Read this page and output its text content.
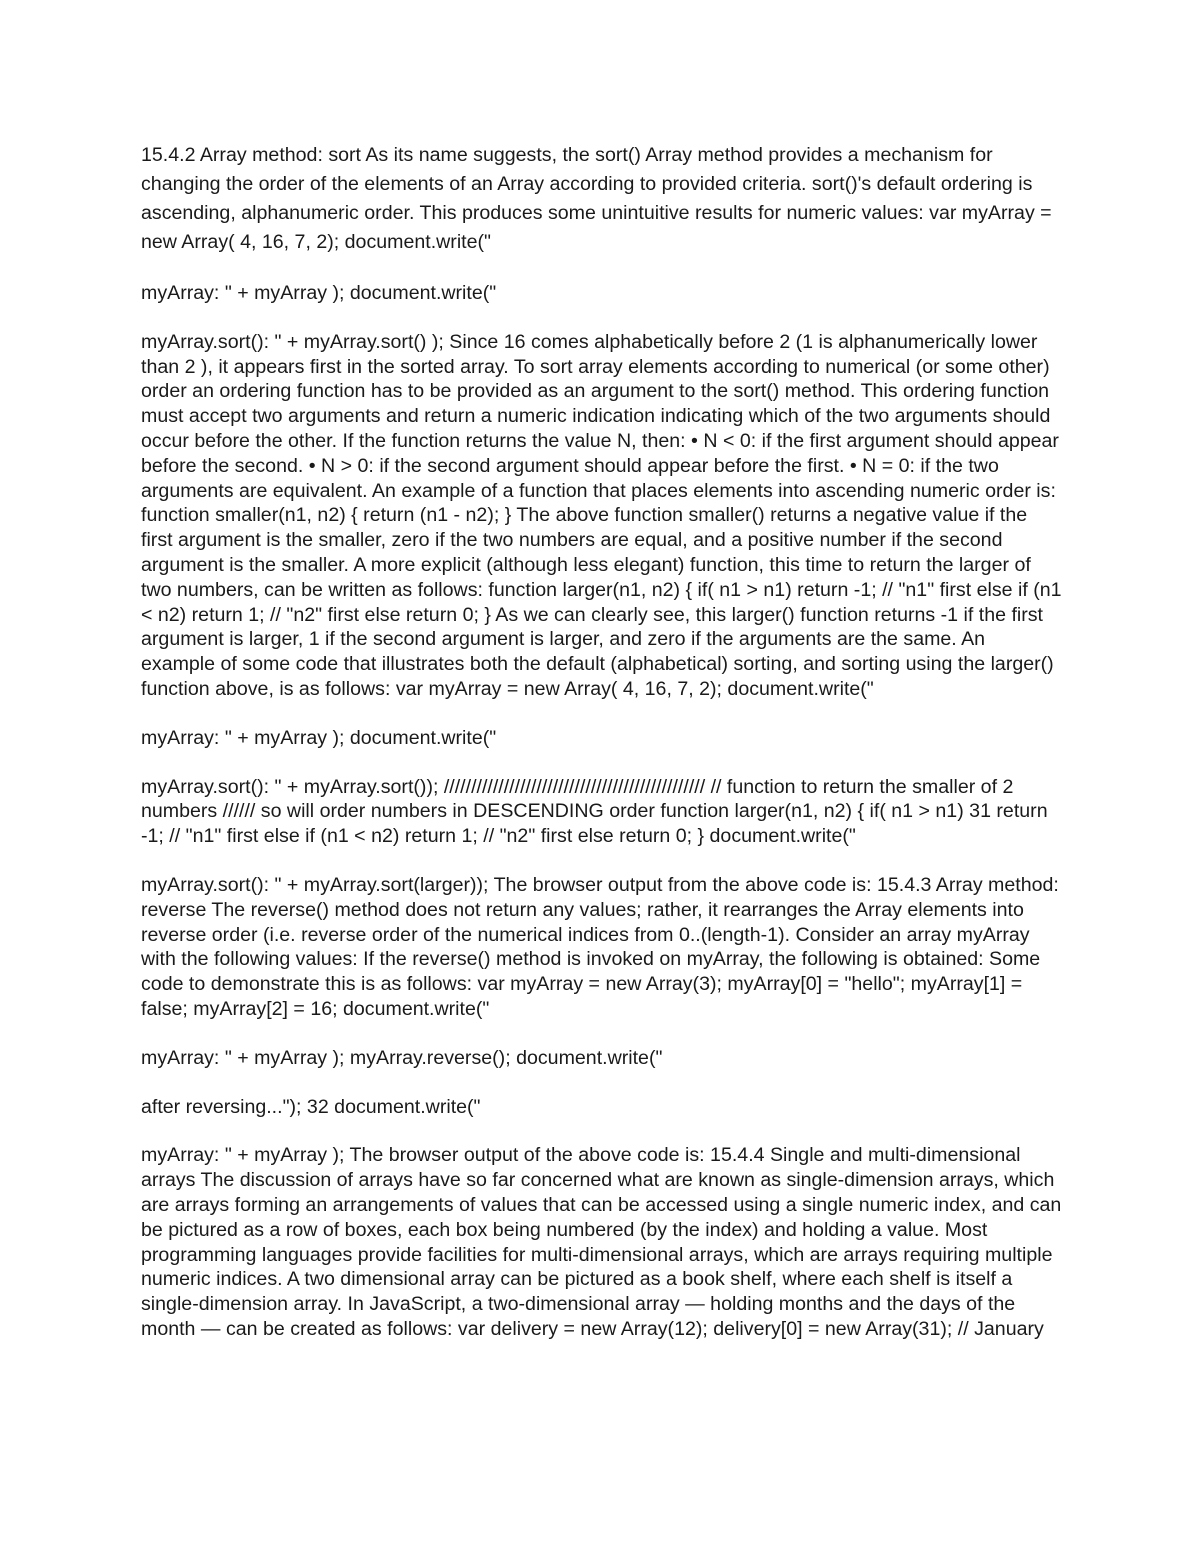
15.4.2 Array method: sort As its name suggests, the sort() Array method provides a mechanism for changing the order of the elements of an Array according to provided criteria. sort()'s default ordering is ascending, alphanumeric order. This produces some unintuitive results for numeric values: var myArray = new Array( 4, 16, 7, 2); document.write("

myArray: " + myArray ); document.write("

myArray.sort(): " + myArray.sort() ); Since 16 comes alphabetically before 2 (1 is alphanumerically lower than 2 ), it appears first in the sorted array. To sort array elements according to numerical (or some other) order an ordering function has to be provided as an argument to the sort() method. This ordering function must accept two arguments and return a numeric indication indicating which of the two arguments should occur before the other. If the function returns the value N, then: • N < 0: if the first argument should appear before the second. • N > 0: if the second argument should appear before the first. • N = 0: if the two arguments are equivalent. An example of a function that places elements into ascending numeric order is: function smaller(n1, n2) { return (n1 - n2); } The above function smaller() returns a negative value if the first argument is the smaller, zero if the two numbers are equal, and a positive number if the second argument is the smaller. A more explicit (although less elegant) function, this time to return the larger of two numbers, can be written as follows: function larger(n1, n2) { if( n1 > n1) return -1; // "n1" first else if (n1 < n2) return 1; // "n2" first else return 0; } As we can clearly see, this larger() function returns -1 if the first argument is larger, 1 if the second argument is larger, and zero if the arguments are the same. An example of some code that illustrates both the default (alphabetical) sorting, and sorting using the larger() function above, is as follows: var myArray = new Array( 4, 16, 7, 2); document.write("

myArray: " + myArray ); document.write("

myArray.sort(): " + myArray.sort()); //////////////////////////////////////////////// // function to return the smaller of 2 numbers ////// so will order numbers in DESCENDING order function larger(n1, n2) { if( n1 > n1) 31 return -1; // "n1" first else if (n1 < n2) return 1; // "n2" first else return 0; } document.write("

myArray.sort(): " + myArray.sort(larger)); The browser output from the above code is: 15.4.3 Array method: reverse The reverse() method does not return any values; rather, it rearranges the Array elements into reverse order (i.e. reverse order of the numerical indices from 0..(length-1). Consider an array myArray with the following values: If the reverse() method is invoked on myArray, the following is obtained: Some code to demonstrate this is as follows: var myArray = new Array(3); myArray[0] = "hello"; myArray[1] = false; myArray[2] = 16; document.write("

myArray: " + myArray ); myArray.reverse(); document.write("

after reversing..."); 32 document.write("

myArray: " + myArray ); The browser output of the above code is: 15.4.4 Single and multi-dimensional arrays The discussion of arrays have so far concerned what are known as single-dimension arrays, which are arrays forming an arrangements of values that can be accessed using a single numeric index, and can be pictured as a row of boxes, each box being numbered (by the index) and holding a value. Most programming languages provide facilities for multi-dimensional arrays, which are arrays requiring multiple numeric indices. A two dimensional array can be pictured as a book shelf, where each shelf is itself a single-dimension array. In JavaScript, a two-dimensional array — holding months and the days of the month — can be created as follows: var delivery = new Array(12); delivery[0] = new Array(31); // January
